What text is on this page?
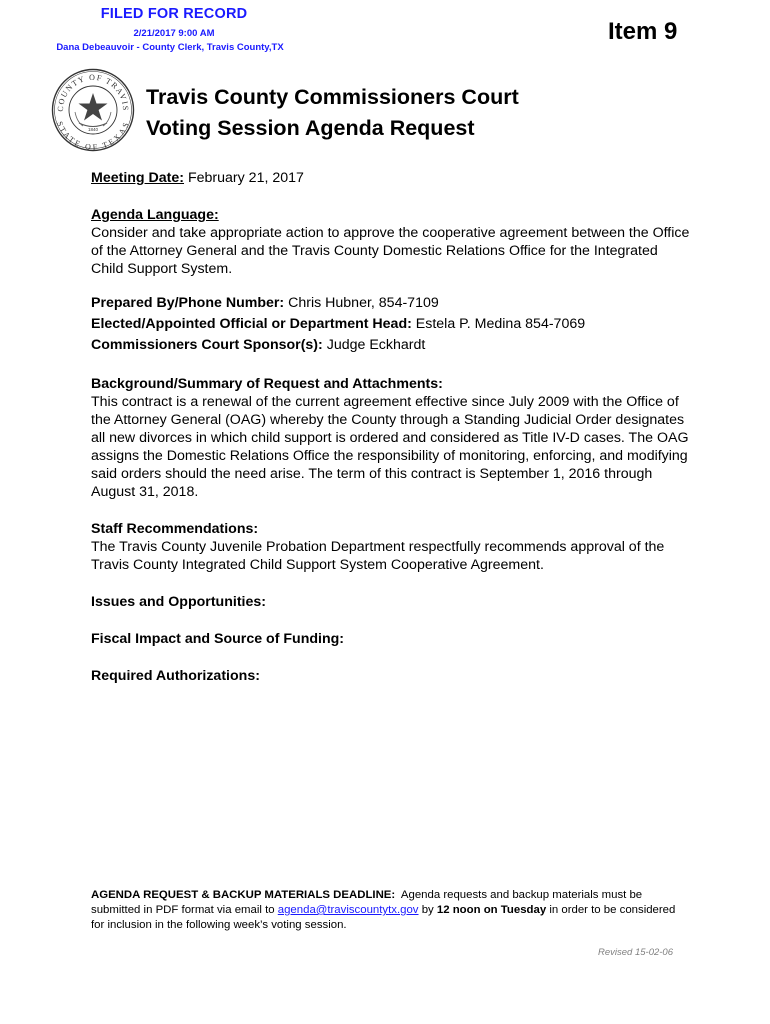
FILED FOR RECORD
2/21/2017 9:00 AM
Dana Debeauvoir - County Clerk, Travis County,TX
Item 9
COUNTY OF TRAVIS
STATE OF TEXAS
1840
Travis County Commissioners Court
Voting Session Agenda Request

Meeting Date: February 21, 2017

Agenda Language:

Consider and take appropriate action to approve the cooperative agreement between the Office of the Attorney General and the Travis County Domestic Relations Office for the Integrated Child Support System.

Prepared By/Phone Number: Chris Hubner, 854-7109

Elected/Appointed Official or Department Head: Estela P. Medina 854-7069

Commissioners Court Sponsor(s): Judge Eckhardt

Background/Summary of Request and Attachments:

This contract is a renewal of the current agreement effective since July 2009 with the Office of the Attorney General (OAG) whereby the County through a Standing Judicial Order designates all new divorces in which child support is ordered and considered as Title IV-D cases. The OAG assigns the Domestic Relations Office the responsibility of monitoring, enforcing, and modifying said orders should the need arise. The term of this contract is September 1, 2016 through August 31, 2018.

Staff Recommendations:

The Travis County Juvenile Probation Department respectfully recommends approval of the Travis County Integrated Child Support System Cooperative Agreement.

Issues and Opportunities:

Fiscal Impact and Source of Funding:

Required Authorizations:

AGENDA REQUEST & BACKUP MATERIALS DEADLINE: Agenda requests and backup materials must be submitted in PDF format via email to agenda@traviscountytx.gov by 12 noon on Tuesday in order to be considered for inclusion in the following week’s voting session.
Revised 15-02-06
